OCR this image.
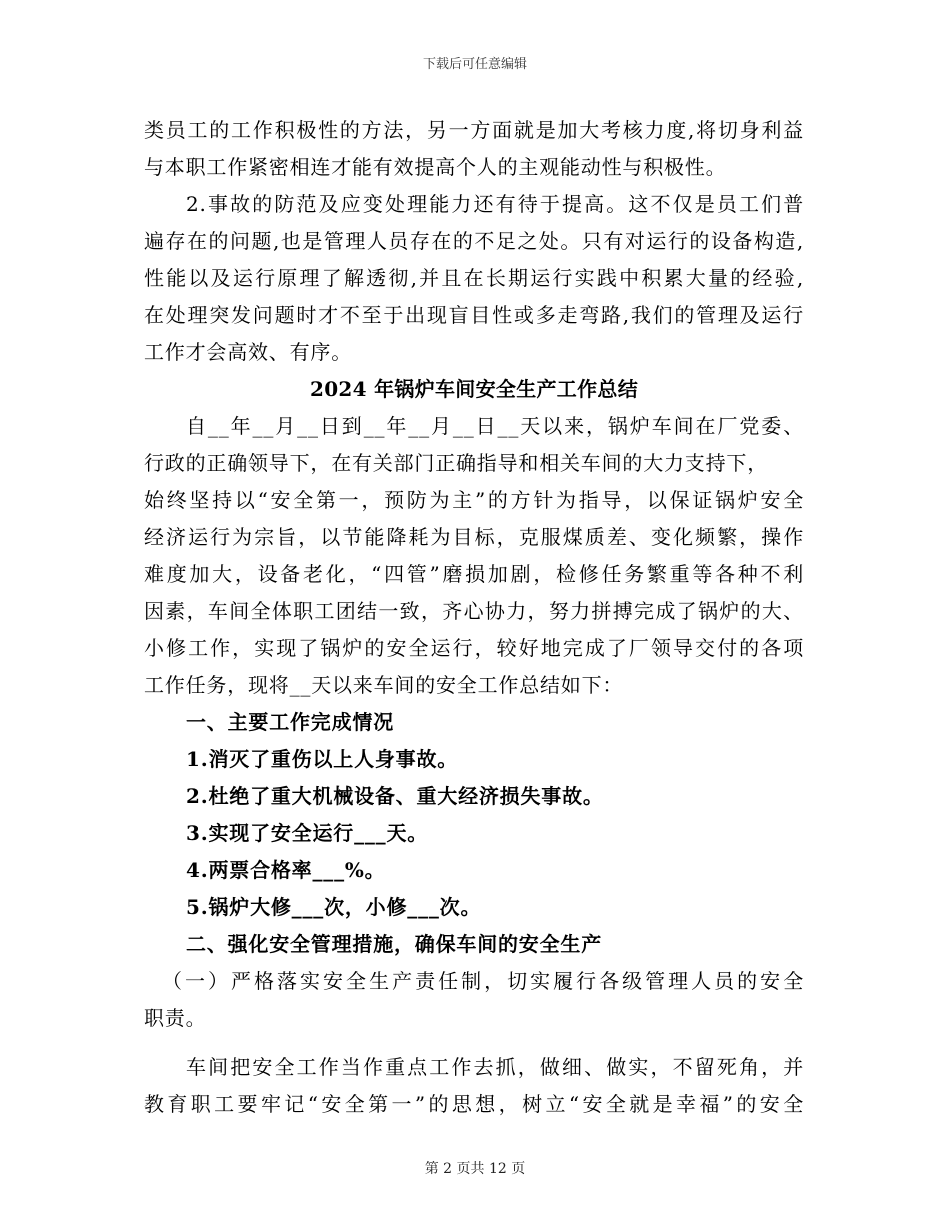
下载后可任意编辑
类员工的工作积极性的方法，另一方面就是加大考核力度,将切身利益
与本职工作紧密相连才能有效提高个人的主观能动性与积极性。
2.事故的防范及应变处理能力还有待于提高。这不仅是员工们普
遍存在的问题,也是管理人员存在的不足之处。只有对运行的设备构造,
性能以及运行原理了解透彻,并且在长期运行实践中积累大量的经验,
在处理突发问题时才不至于出现盲目性或多走弯路,我们的管理及运行
工作才会高效、有序。
2024 年锅炉车间安全生产工作总结
自__年__月__日到__年__月__日__天以来，锅炉车间在厂党委、
行政的正确领导下，在有关部门正确指导和相关车间的大力支持下，
始终坚持以“安全第一，预防为主”的方针为指导，以保证锅炉安全
经济运行为宗旨，以节能降耗为目标，克服煤质差、变化频繁，操作
难度加大，设备老化，“四管”磨损加剧，检修任务繁重等各种不利
因素，车间全体职工团结一致，齐心协力，努力拼搏完成了锅炉的大、
小修工作，实现了锅炉的安全运行，较好地完成了厂领导交付的各项
工作任务，现将__天以来车间的安全工作总结如下：
一、主要工作完成情况
1.消灭了重伤以上人身事故。
2.杜绝了重大机械设备、重大经济损失事故。
3.实现了安全运行___天。
4.两票合格率___%。
5.锅炉大修___次，小修___次。
二、强化安全管理措施，确保车间的安全生产
（一）严格落实安全生产责任制，切实履行各级管理人员的安全
职责。
车间把安全工作当作重点工作去抓，做细、做实，不留死角，并
教育职工要牢记“安全第一”的思想，树立“安全就是幸福”的安全
第 2 页共 12 页
